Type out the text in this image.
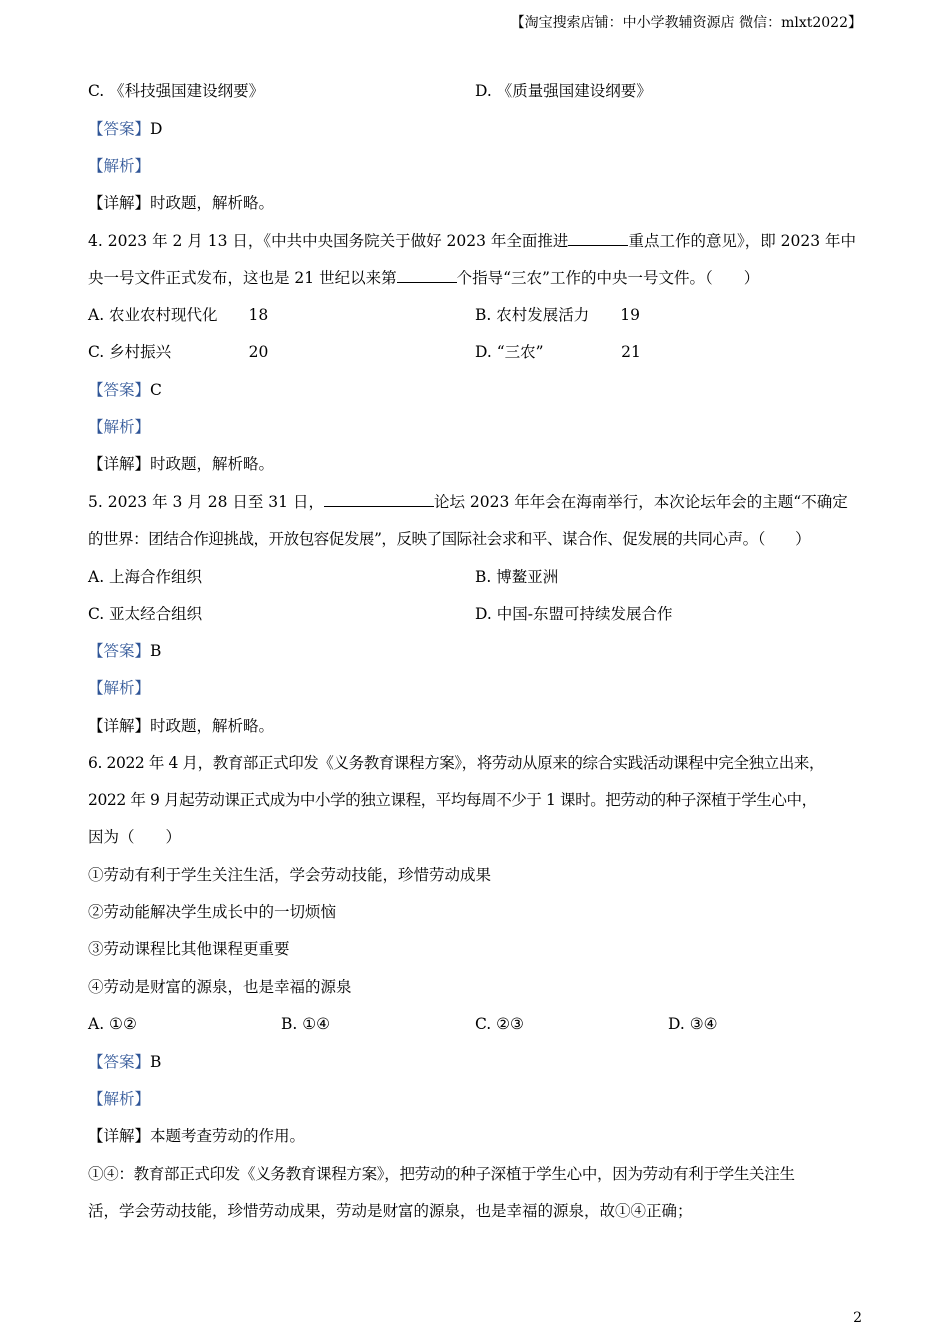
【淘宝搜索店铺：中小学教辅资源店 微信：mlxt2022】
C. 《科技强国建设纲要》	D. 《质量强国建设纲要》
【答案】D
【解析】
【详解】时政题，解析略。
4. 2023 年 2 月 13 日，《中共中央国务院关于做好 2023 年全面推进	重点工作的意见》，即 2023 年中
央一号文件正式发布，这也是 21 世纪以来第	个指导“三农”工作的中央一号文件。（　　）
A. 农业农村现代化　　18	B. 农村发展活力　　19
C. 乡村振兴　　　　　20	D. “三农”　　　　　21
【答案】C
【解析】
【详解】时政题，解析略。
5. 2023 年 3 月 28 日至 31 日，	论坛 2023 年年会在海南举行，本次论坛年会的主题“不确定
的世界：团结合作迎挑战，开放包容促发展”，反映了国际社会求和平、谋合作、促发展的共同心声。（　　）
A. 上海合作组织	B. 博鳌亚洲
C. 亚太经合组织	D. 中国-东盟可持续发展合作
【答案】B
【解析】
【详解】时政题，解析略。
6. 2022 年 4 月，教育部正式印发《义务教育课程方案》，将劳动从原来的综合实践活动课程中完全独立出来，
2022 年 9 月起劳动课正式成为中小学的独立课程，平均每周不少于 1 课时。把劳动的种子深植于学生心中，
因为（　　）
①劳动有利于学生关注生活，学会劳动技能，珍惜劳动成果
②劳动能解决学生成长中的一切烦恼
③劳动课程比其他课程更重要
④劳动是财富的源泉，也是幸福的源泉
A. ①②	B. ①④	C. ②③	D. ③④
【答案】B
【解析】
【详解】本题考查劳动的作用。
①④：教育部正式印发《义务教育课程方案》，把劳动的种子深植于学生心中，因为劳动有利于学生关注生
活，学会劳动技能，珍惜劳动成果，劳动是财富的源泉，也是幸福的源泉，故①④正确；
2
